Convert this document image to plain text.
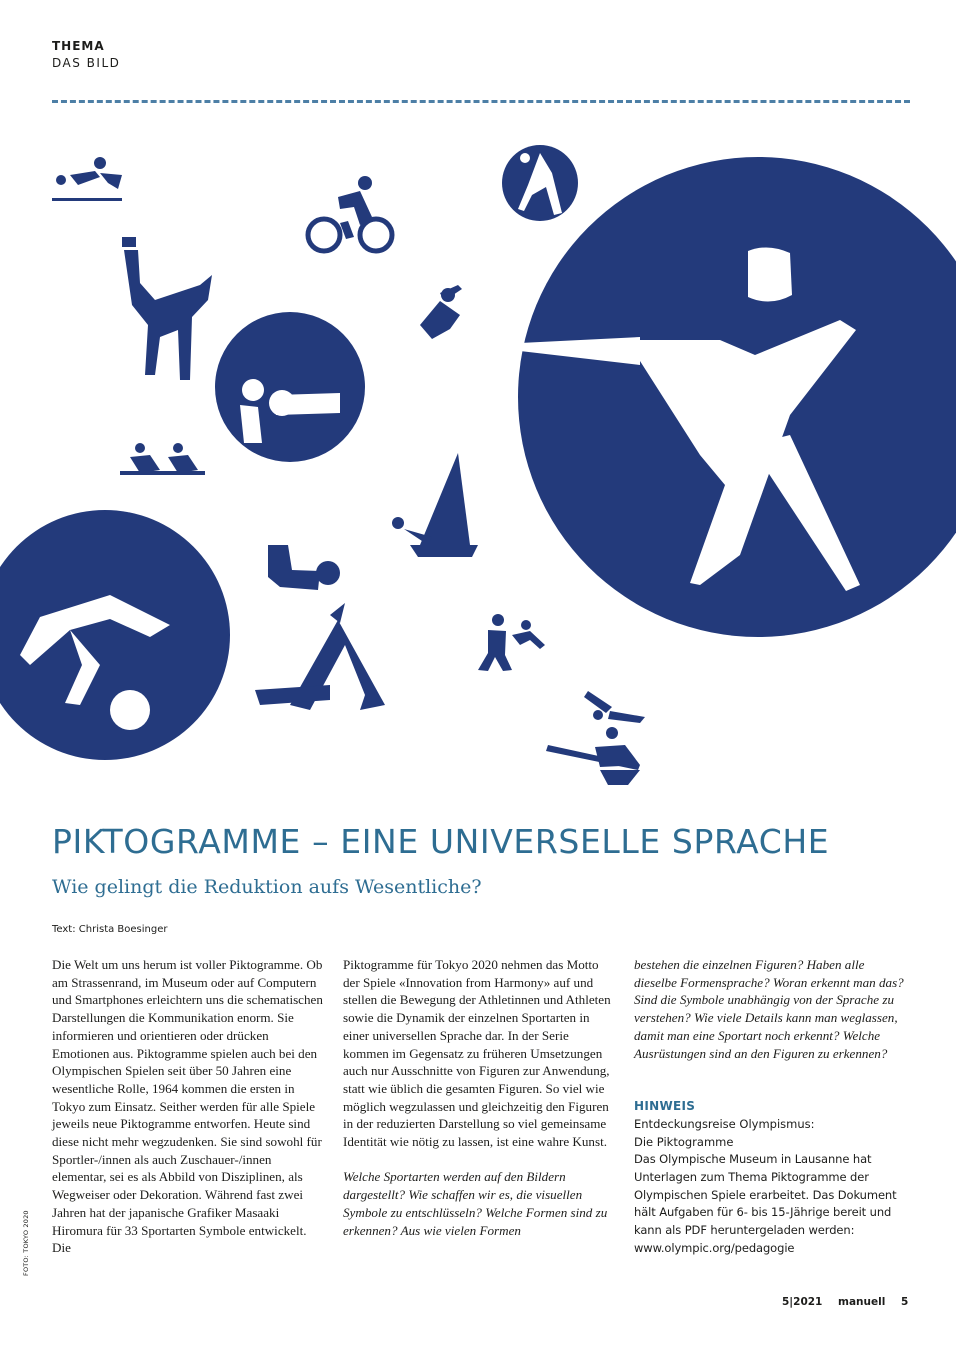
THEMA
DAS BILD
PIKTOGRAMME – EINE UNIVERSELLE SPRACHE
Wie gelingt die Reduktion aufs Wesentliche?
Text: Christa Boesinger

Die Welt um uns herum ist voller Piktogramme. Ob am Strassenrand, im Museum oder auf Computern und Smartphones erleichtern uns die schematischen Darstellungen die Kommunikation enorm. Sie informieren und orientieren oder drücken Emotionen aus. Piktogramme spielen auch bei den Olympischen Spielen seit über 50 Jahren eine wesentliche Rolle, 1964 kommen die ersten in Tokyo zum Einsatz. Seither werden für alle Spiele jeweils neue Piktogramme entworfen. Heute sind diese nicht mehr wegzudenken. Sie sind sowohl für Sportler-/innen als auch Zuschauer-/innen elementar, sei es als Abbild von Disziplinen, als Wegweiser oder Dekoration. Während fast zwei Jahren hat der japanische Grafiker Masaaki Hiromura für 33 Sportarten Symbole entwickelt. Die

Piktogramme für Tokyo 2020 nehmen das Motto der Spiele «Innovation from Harmony» auf und stellen die Bewegung der Athletinnen und Athleten sowie die Dynamik der einzelnen Sportarten in einer universellen Sprache dar. In der Serie kommen im Gegensatz zu früheren Umsetzungen auch nur Ausschnitte von Figuren zur Anwendung, statt wie üblich die gesamten Figuren. So viel wie möglich wegzulassen und gleichzeitig den Figuren in der reduzierten Darstellung so viel gemeinsame Identität wie nötig zu lassen, ist eine wahre Kunst.

Welche Sportarten werden auf den Bildern dargestellt? Wie schaffen wir es, die visuellen Symbole zu entschlüsseln? Welche Formen sind zu erkennen? Aus wie vielen Formen

bestehen die einzelnen Figuren? Haben alle dieselbe Formensprache? Woran erkennt man das? Sind die Symbole unabhängig von der Sprache zu verstehen? Wie viele Details kann man weglassen, damit man eine Sportart noch erkennt? Welche Ausrüstungen sind an den Figuren zu erkennen?

HINWEIS

Entdeckungsreise Olympismus:

Die Piktogramme

Das Olympische Museum in Lausanne hat Unterlagen zum Thema Piktogramme der Olympischen Spiele erarbeitet. Das Dokument hält Aufgaben für 6- bis 15-Jährige bereit und kann als PDF heruntergeladen werden: www.olympic.org/pedagogie

FOTO: TOKYO 2020
5|2021 manuell 5
